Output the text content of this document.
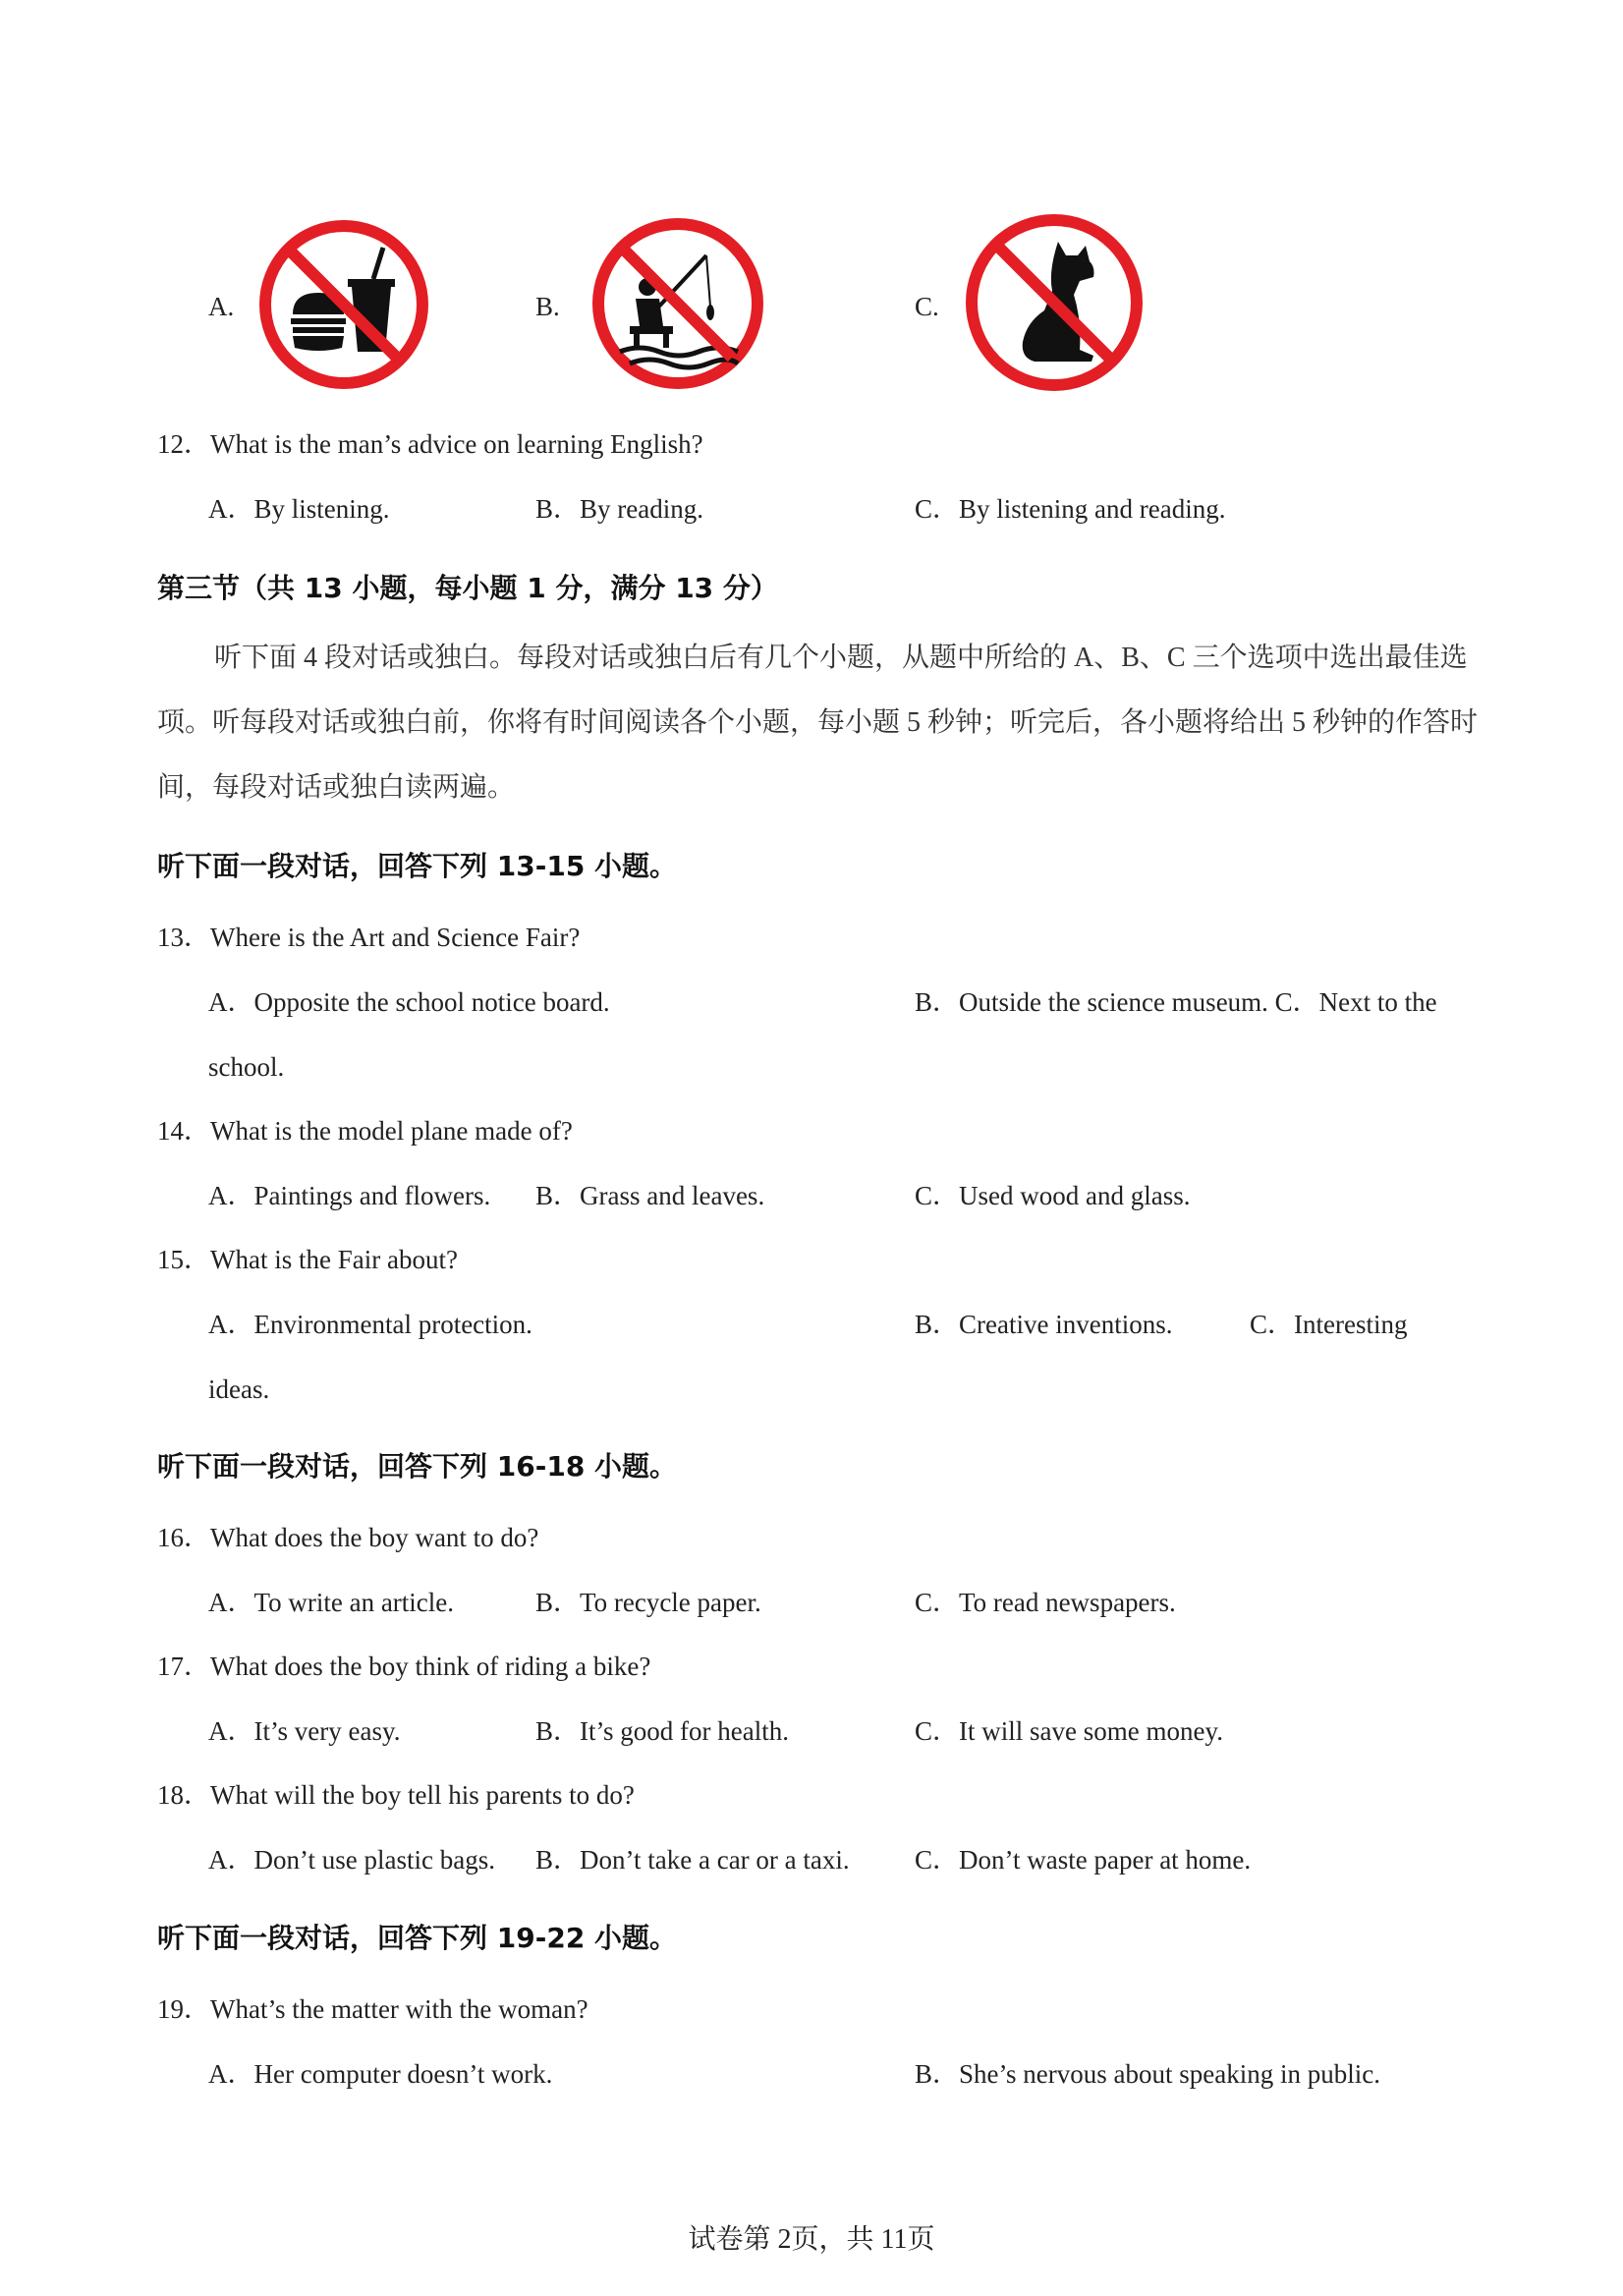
A.	B.	C.
12．What is the man’s advice on learning English?
A．By listening.	B．By reading.	C．By listening and reading.
第三节（共 13 小题，每小题 1 分，满分 13 分）
听下面 4 段对话或独白。每段对话或独白后有几个小题，从题中所给的 A、B、C 三个选项中选出最佳选项。听每段对话或独白前，你将有时间阅读各个小题，每小题 5 秒钟；听完后，各小题将给出 5 秒钟的作答时间，每段对话或独白读两遍。
听下面一段对话，回答下列 13-15 小题。
13．Where is the Art and Science Fair?
A．Opposite the school notice board.	B．Outside the science museum. C．Next to the
school.
14．What is the model plane made of?
A．Paintings and flowers. B．Grass and leaves.	C．Used wood and glass.
15．What is the Fair about?
A．Environmental protection.	B．Creative inventions.	C．Interesting
ideas.
听下面一段对话，回答下列 16-18 小题。
16．What does the boy want to do?
A．To write an article.	B．To recycle paper.	C．To read newspapers.
17．What does the boy think of riding a bike?
A．It’s very easy.	B．It’s good for health.	C．It will save some money.
18．What will the boy tell his parents to do?
A．Don’t use plastic bags. B．Don’t take a car or a taxi. C．Don’t waste paper at home.
听下面一段对话，回答下列 19-22 小题。
19．What’s the matter with the woman?
A．Her computer doesn’t work.	B．She’s nervous about speaking in public.
试卷第 2页，共 11页
